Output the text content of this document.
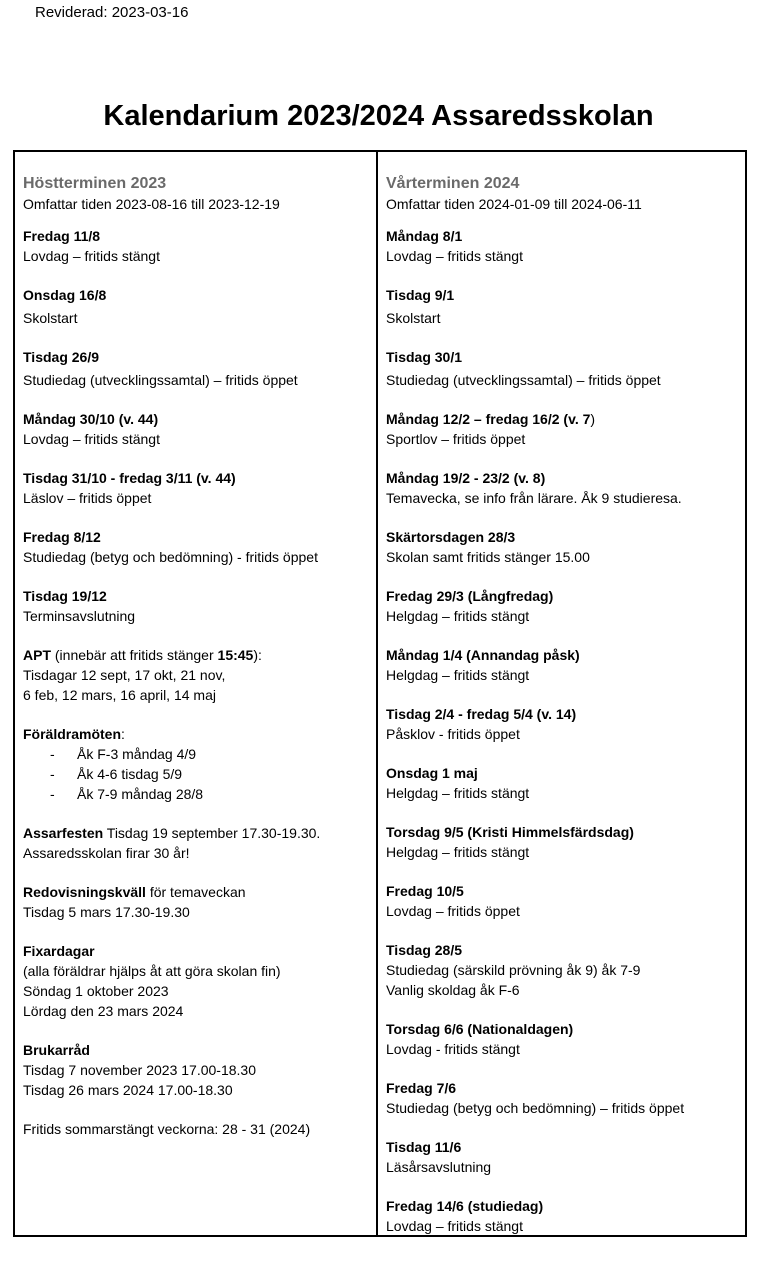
Reviderad: 2023-03-16
Kalendarium 2023/2024 Assaredsskolan
Höstterminen 2023
Omfattar tiden 2023-08-16 till 2023-12-19
Fredag 11/8
Lovdag – fritids stängt
Onsdag 16/8
Skolstart
Tisdag 26/9
Studiedag (utvecklingssamtal) – fritids öppet
Måndag 30/10 (v. 44)
Lovdag – fritids stängt
Tisdag 31/10 - fredag 3/11 (v. 44)
Läslov – fritids öppet
Fredag 8/12
Studiedag (betyg och bedömning) - fritids öppet
Tisdag 19/12
Terminsavslutning
APT (innebär att fritids stänger 15:45):
Tisdagar 12 sept, 17 okt, 21 nov,
6 feb, 12 mars, 16 april, 14 maj
Föräldramöten:
- Åk F-3 måndag 4/9
- Åk 4-6 tisdag 5/9
- Åk 7-9 måndag 28/8
Assarfesten Tisdag 19 september 17.30-19.30.
Assaredsskolan firar 30 år!
Redovisningskväll för temaveckan
Tisdag 5 mars 17.30-19.30
Fixardagar
(alla föräldrar hjälps åt att göra skolan fin)
Söndag 1 oktober 2023
Lördag den 23 mars 2024
Brukarråd
Tisdag 7 november 2023 17.00-18.30
Tisdag 26 mars 2024 17.00-18.30
Fritids sommarstängt veckorna: 28 - 31 (2024)
Vårterminen 2024
Omfattar tiden 2024-01-09 till 2024-06-11
Måndag 8/1
Lovdag – fritids stängt
Tisdag 9/1
Skolstart
Tisdag 30/1
Studiedag (utvecklingssamtal) – fritids öppet
Måndag 12/2 – fredag 16/2 (v. 7)
Sportlov – fritids öppet
Måndag 19/2 - 23/2 (v. 8)
Temavecka, se info från lärare. Åk 9 studieresa.
Skärtorsdagen 28/3
Skolan samt fritids stänger 15.00
Fredag 29/3 (Långfredag)
Helgdag – fritids stängt
Måndag 1/4 (Annandag påsk)
Helgdag – fritids stängt
Tisdag 2/4 - fredag 5/4 (v. 14)
Påsklov - fritids öppet
Onsdag 1 maj
Helgdag – fritids stängt
Torsdag 9/5 (Kristi Himmelsfärdsdag)
Helgdag – fritids stängt
Fredag 10/5
Lovdag – fritids öppet
Tisdag 28/5
Studiedag (särskild prövning åk 9) åk 7-9
Vanlig skoldag åk F-6
Torsdag 6/6 (Nationaldagen)
Lovdag - fritids stängt
Fredag 7/6
Studiedag (betyg och bedömning) – fritids öppet
Tisdag 11/6
Läsårsavslutning
Fredag 14/6 (studiedag)
Lovdag – fritids stängt
